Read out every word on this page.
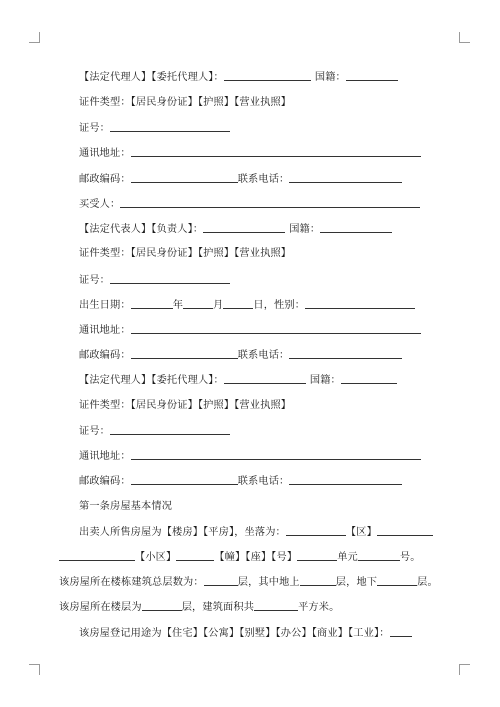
【法定代理人】【委托代理人】：	国籍：
证件类型：【居民身份证】【护照】【营业执照】
证号：
通讯地址：
邮政编码：	联系电话：
买受人：
【法定代表人】【负责人】：	国籍：
证件类型：【居民身份证】【护照】【营业执照】
证号：
出生日期：	年	月	日，性别：
通讯地址：
邮政编码：	联系电话：
【法定代理人】【委托代理人】：	国籍：
证件类型：【居民身份证】【护照】【营业执照】
证号：
通讯地址：
邮政编码：	联系电话：
第一条房屋基本情况
出卖人所售房屋为【楼房】【平房】，坐落为：	【区】
【小区】	【幢】【座】【号】	单元	号。
该房屋所在楼栋建筑总层数为：	层，其中地上	层，地下	层。
该房屋所在楼层为	层，建筑面积共	平方米。
该房屋登记用途为【住宅】【公寓】【别墅】【办公】【商业】【工业】：
